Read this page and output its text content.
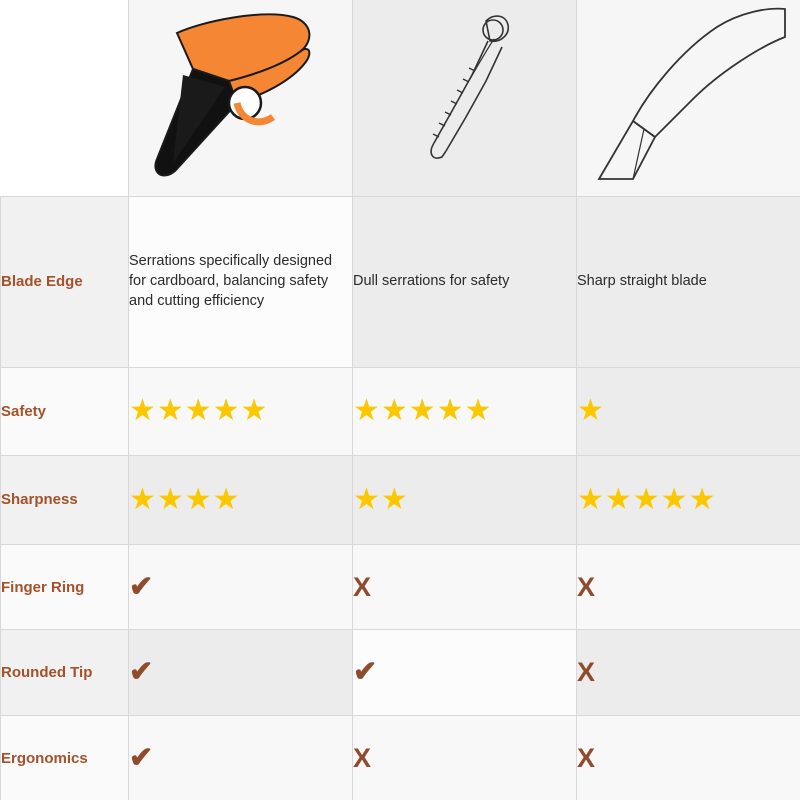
Blade Edge	Serrations specifically designed for cardboard, balancing safety and cutting efficiency	Dull serrations for safety	Sharp straight blade
Safety	★★★★★	★★★★★	★

Sharpness	★★★★	★★	★★★★★

Finger Ring	✔	X	X

Rounded Tip	✔	✔	X

Ergonomics	✔	X	X
